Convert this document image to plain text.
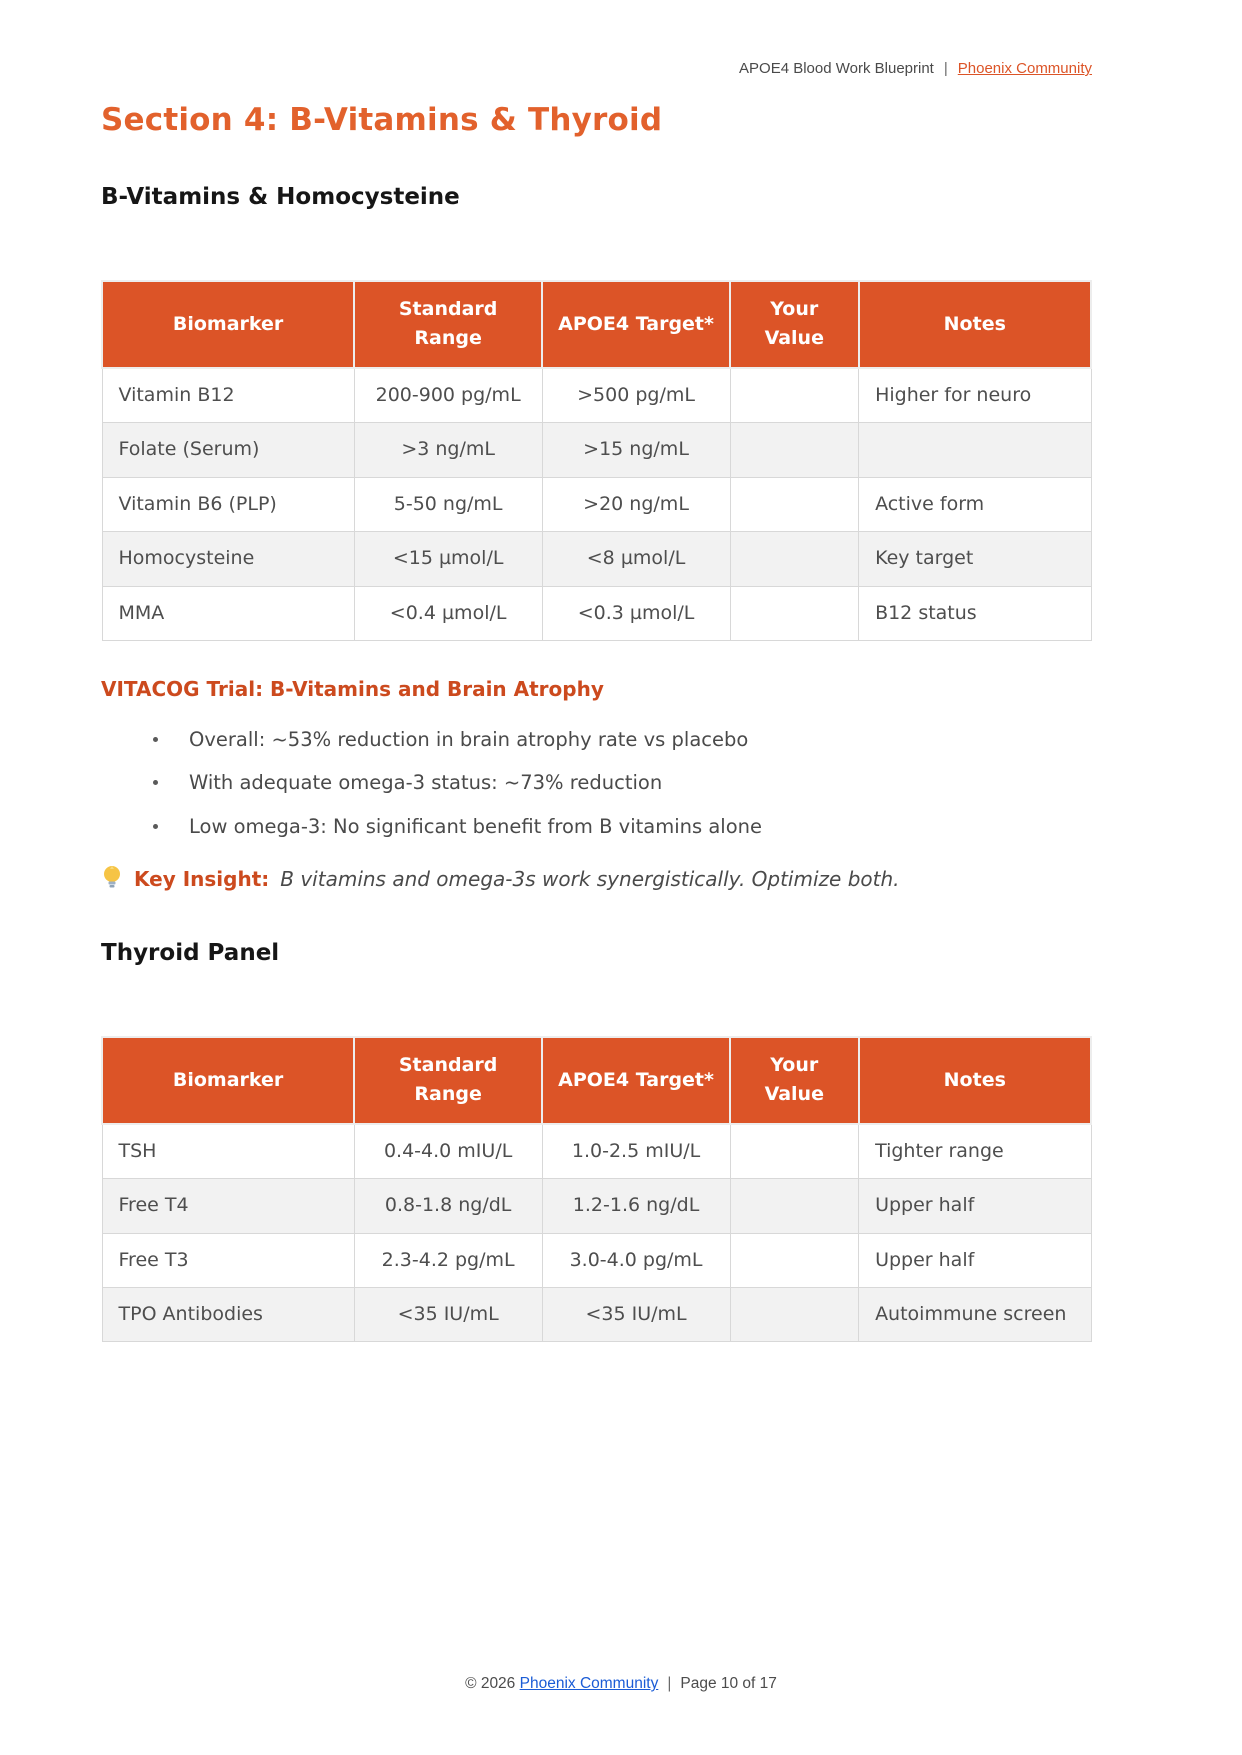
APOE4 Blood Work Blueprint | Phoenix Community
Section 4: B-Vitamins & Thyroid
B-Vitamins & Homocysteine
Biomarker	Standard Range	APOE4 Target*	Your Value	Notes
Vitamin B12	200-900 pg/mL	>500 pg/mL		Higher for neuro
Folate (Serum)	>3 ng/mL	>15 ng/mL		
Vitamin B6 (PLP)	5-50 ng/mL	>20 ng/mL		Active form
Homocysteine	<15 µmol/L	<8 µmol/L		Key target
MMA	<0.4 µmol/L	<0.3 µmol/L		B12 status
VITACOG Trial: B-Vitamins and Brain Atrophy
Overall: ~53% reduction in brain atrophy rate vs placebo
With adequate omega-3 status: ~73% reduction
Low omega-3: No significant benefit from B vitamins alone
Key Insight: B vitamins and omega-3s work synergistically. Optimize both.
Thyroid Panel
Biomarker	Standard Range	APOE4 Target*	Your Value	Notes
TSH	0.4-4.0 mIU/L	1.0-2.5 mIU/L		Tighter range
Free T4	0.8-1.8 ng/dL	1.2-1.6 ng/dL		Upper half
Free T3	2.3-4.2 pg/mL	3.0-4.0 pg/mL		Upper half
TPO Antibodies	<35 IU/mL	<35 IU/mL		Autoimmune screen
© 2026 Phoenix Community | Page 10 of 17
